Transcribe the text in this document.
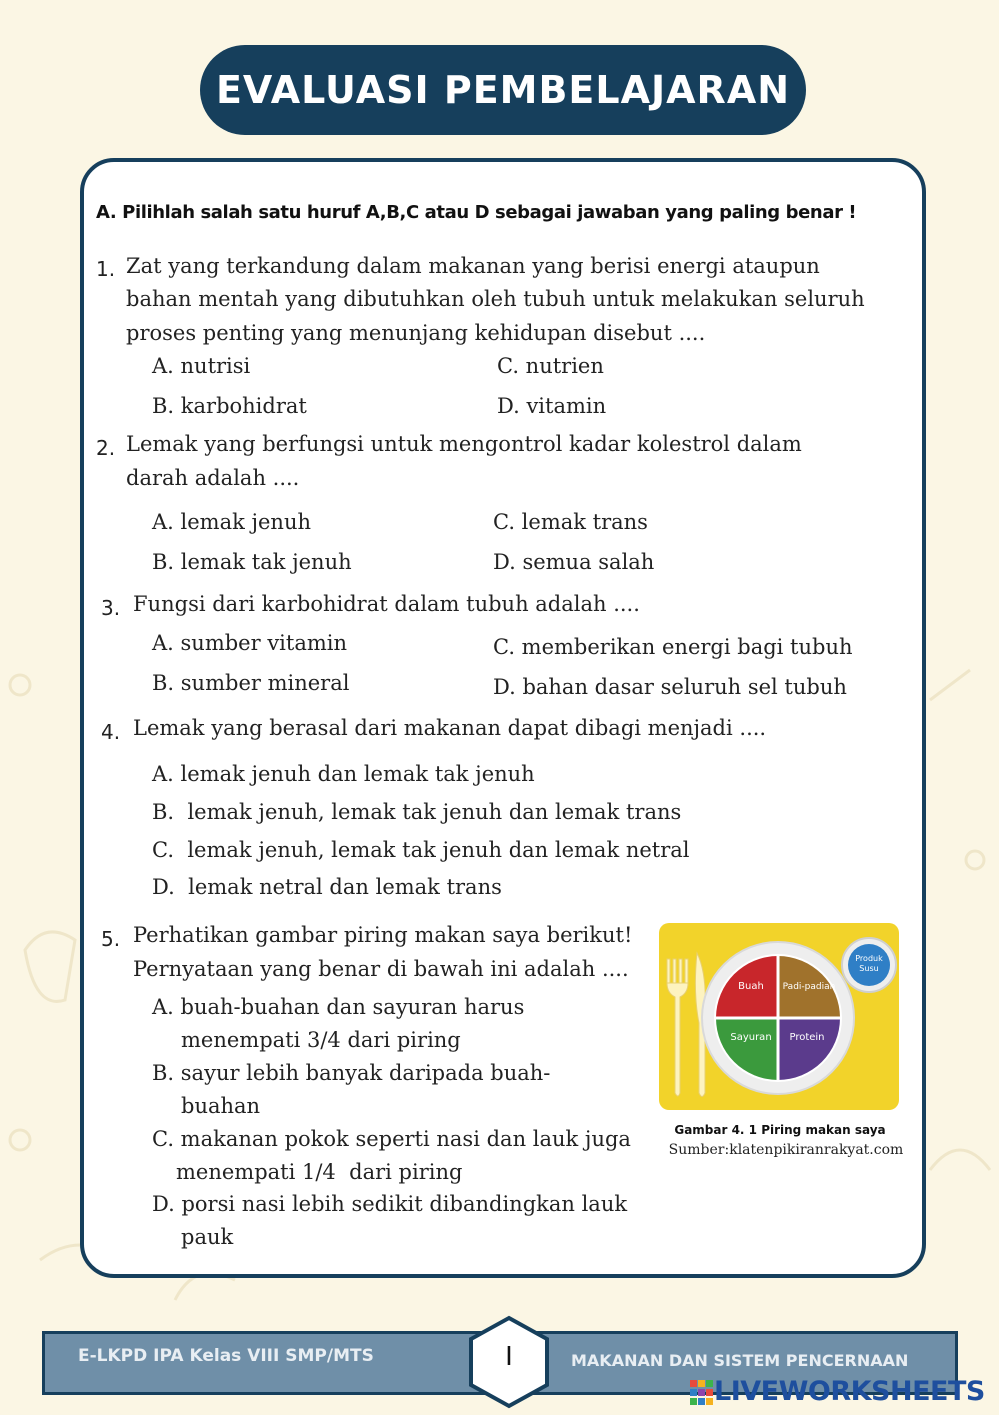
EVALUASI PEMBELAJARAN
A. Pilihlah salah satu huruf A,B,C atau D sebagai jawaban yang paling benar !
1. Zat yang terkandung dalam makanan yang berisi energi ataupun
bahan mentah yang dibutuhkan oleh tubuh untuk melakukan seluruh
proses penting yang menunjang kehidupan disebut ....
A. nutrisi	C. nutrien
B. karbohidrat	D. vitamin
2. Lemak yang berfungsi untuk mengontrol kadar kolestrol dalam
darah adalah ....
A. lemak jenuh	C. lemak trans
B. lemak tak jenuh	D. semua salah
3. Fungsi dari karbohidrat dalam tubuh adalah ....
A. sumber vitamin	C. memberikan energi bagi tubuh
B. sumber mineral	D. bahan dasar seluruh sel tubuh
4. Lemak yang berasal dari makanan dapat dibagi menjadi ....
A. lemak jenuh dan lemak tak jenuh
B.  lemak jenuh, lemak tak jenuh dan lemak trans
C.  lemak jenuh, lemak tak jenuh dan lemak netral
D.  lemak netral dan lemak trans
5. Perhatikan gambar piring makan saya berikut!
Pernyataan yang benar di bawah ini adalah ....
A. buah-buahan dan sayuran harus
menempati 3/4 dari piring
B. sayur lebih banyak daripada buah-
buahan
C. makanan pokok seperti nasi dan lauk juga
menempati 1/4  dari piring
D. porsi nasi lebih sedikit dibandingkan lauk
pauk
Buah Padi-padian
Sayuran Protein
Produk
Susu
Gambar 4. 1 Piring makan saya
Sumber:klatenpikiranrakyat.com
E-LKPD IPA Kelas VIII SMP/MTS	MAKANAN DAN SISTEM PENCERNAAN
I
LIVEWORKSHEETS
